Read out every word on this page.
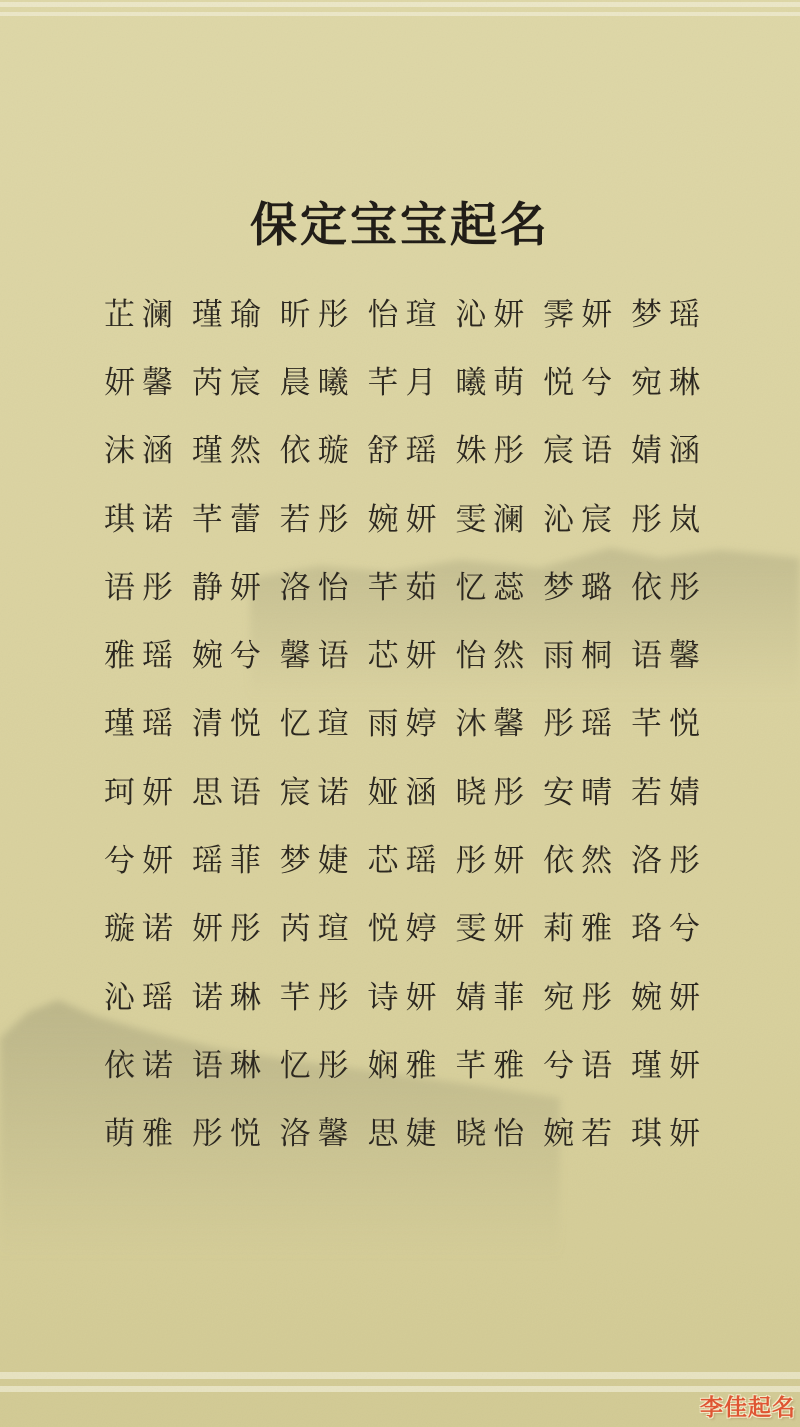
保定宝宝起名
芷澜 瑾瑜 昕彤 怡瑄 沁妍 霁妍 梦瑶
妍馨 芮宸 晨曦 芊月 曦萌 悦兮 宛琳
沫涵 瑾然 依璇 舒瑶 姝彤 宸语 婧涵
琪诺 芊蕾 若彤 婉妍 雯澜 沁宸 彤岚
语彤 静妍 洛怡 芊茹 忆蕊 梦璐 依彤
雅瑶 婉兮 馨语 芯妍 怡然 雨桐 语馨
瑾瑶 清悦 忆瑄 雨婷 沐馨 彤瑶 芊悦
珂妍 思语 宸诺 娅涵 晓彤 安晴 若婧
兮妍 瑶菲 梦婕 芯瑶 彤妍 依然 洛彤
璇诺 妍彤 芮瑄 悦婷 雯妍 莉雅 珞兮
沁瑶 诺琳 芊彤 诗妍 婧菲 宛彤 婉妍
依诺 语琳 忆彤 娴雅 芊雅 兮语 瑾妍
萌雅 彤悦 洛馨 思婕 晓怡 婉若 琪妍
李佳起名
